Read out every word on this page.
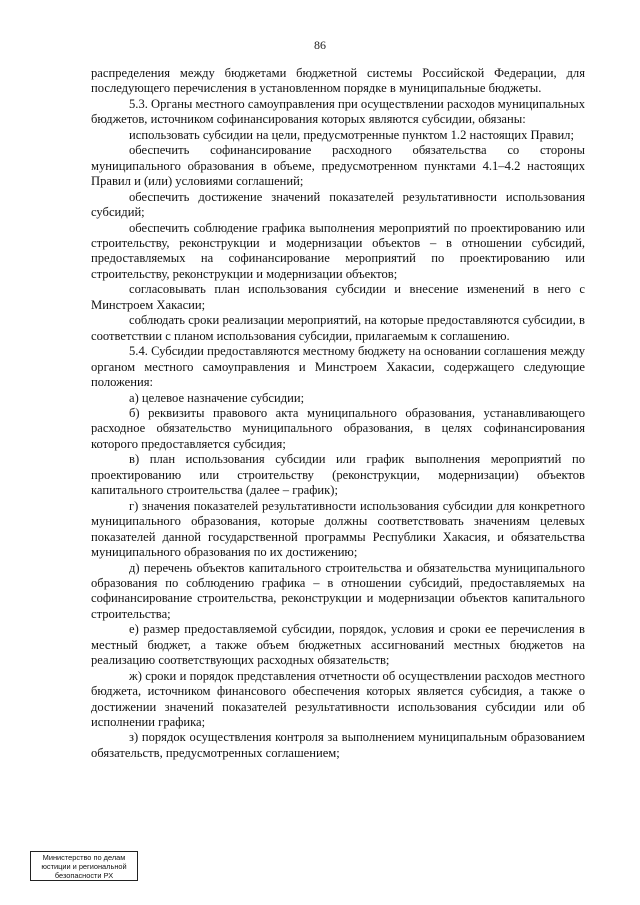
86

распределения между бюджетами бюджетной системы Российской Федерации, для последующего перечисления в установленном порядке в муниципальные бюджеты.

5.3. Органы местного самоуправления при осуществлении расходов муниципальных бюджетов, источником софинансирования которых являются субсидии, обязаны:

использовать субсидии на цели, предусмотренные пунктом 1.2 настоящих Правил;

обеспечить софинансирование расходного обязательства со стороны муниципального образования в объеме, предусмотренном пунктами 4.1–4.2 настоящих Правил и (или) условиями соглашений;

обеспечить достижение значений показателей результативности использования субсидий;

обеспечить соблюдение графика выполнения мероприятий по проектированию или строительству, реконструкции и модернизации объектов – в отношении субсидий, предоставляемых на софинансирование мероприятий по проектированию или строительству, реконструкции и модернизации объектов;

согласовывать план использования субсидии и внесение изменений в него с Минстроем Хакасии;

соблюдать сроки реализации мероприятий, на которые предоставляются субсидии, в соответствии с планом использования субсидии, прилагаемым к соглашению.

5.4. Субсидии предоставляются местному бюджету на основании соглашения между органом местного самоуправления и Минстроем Хакасии, содержащего следующие положения:

а) целевое назначение субсидии;

б) реквизиты правового акта муниципального образования, устанавливающего расходное обязательство муниципального образования, в целях софинансирования которого предоставляется субсидия;

в) план использования субсидии или график выполнения мероприятий по проектированию или строительству (реконструкции, модернизации) объектов капитального строительства (далее – график);

г) значения показателей результативности использования субсидии для конкретного муниципального образования, которые должны соответствовать значениям целевых показателей данной государственной программы Республики Хакасия, и обязательства муниципального образования по их достижению;

д) перечень объектов капитального строительства и обязательства муниципального образования по соблюдению графика – в отношении субсидий, предоставляемых на софинансирование строительства, реконструкции и модернизации объектов капитального строительства;

е) размер предоставляемой субсидии, порядок, условия и сроки ее перечисления в местный бюджет, а также объем бюджетных ассигнований местных бюджетов на реализацию соответствующих расходных обязательств;

ж) сроки и порядок представления отчетности об осуществлении расходов местного бюджета, источником финансового обеспечения которых является субсидия, а также о достижении значений показателей результативности использования субсидии или об исполнении графика;

з) порядок осуществления контроля за выполнением муниципальным образованием обязательств, предусмотренных соглашением;

Министерство по делам
юстиции и региональной
безопасности РХ
